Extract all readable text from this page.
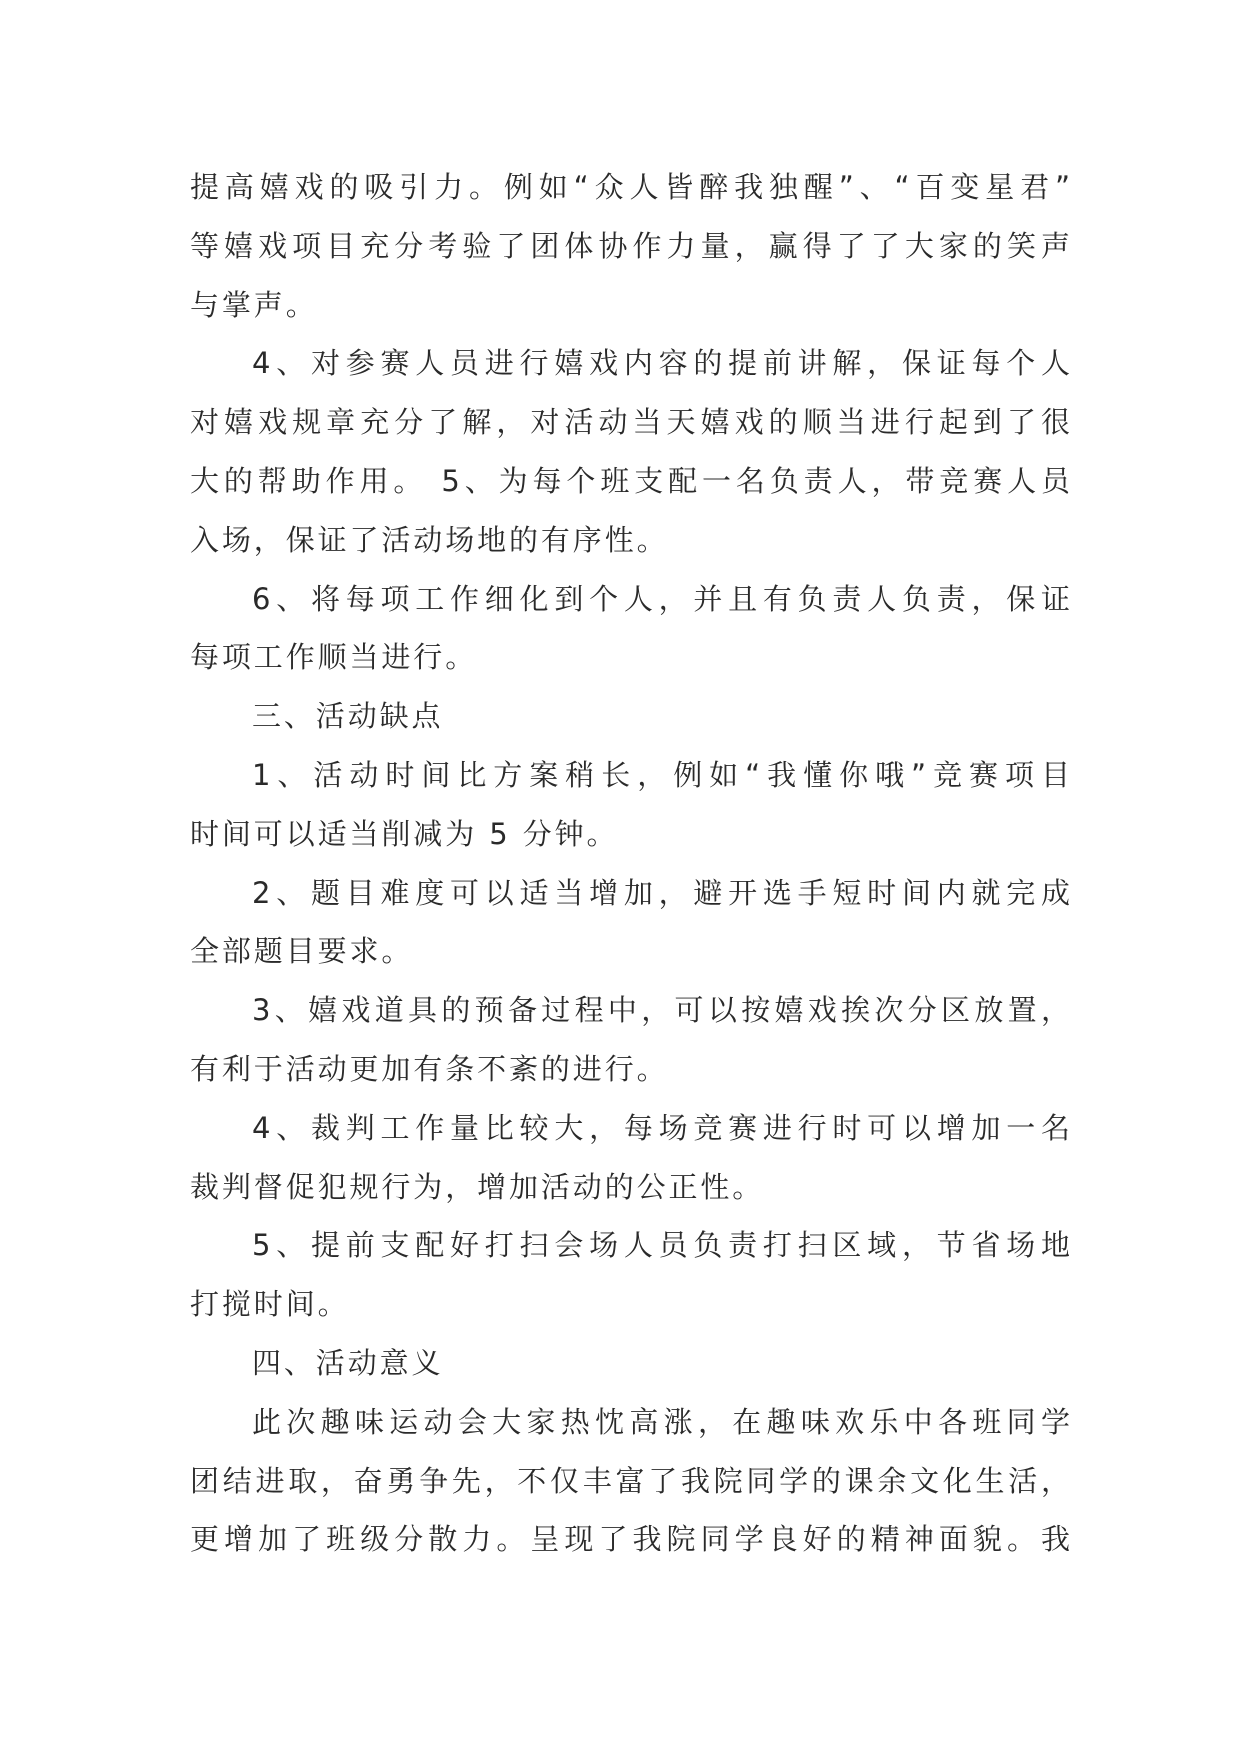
提高嬉戏的吸引力。例如“众人皆醉我独醒”、“百变星君”
等嬉戏项目充分考验了团体协作力量，赢得了了大家的笑声
与掌声。
4、对参赛人员进行嬉戏内容的提前讲解，保证每个人
对嬉戏规章充分了解，对活动当天嬉戏的顺当进行起到了很
大的帮助作用。 5、为每个班支配一名负责人，带竞赛人员
入场，保证了活动场地的有序性。
6、将每项工作细化到个人，并且有负责人负责，保证
每项工作顺当进行。
三、活动缺点
1、活动时间比方案稍长，例如“我懂你哦”竞赛项目
时间可以适当削减为 5 分钟。
2、题目难度可以适当增加，避开选手短时间内就完成
全部题目要求。
3、嬉戏道具的预备过程中，可以按嬉戏挨次分区放置，
有利于活动更加有条不紊的进行。
4、裁判工作量比较大，每场竞赛进行时可以增加一名
裁判督促犯规行为，增加活动的公正性。
5、提前支配好打扫会场人员负责打扫区域，节省场地
打搅时间。
四、活动意义
此次趣味运动会大家热忱高涨，在趣味欢乐中各班同学
团结进取，奋勇争先，不仅丰富了我院同学的课余文化生活，
更增加了班级分散力。呈现了我院同学良好的精神面貌。我
